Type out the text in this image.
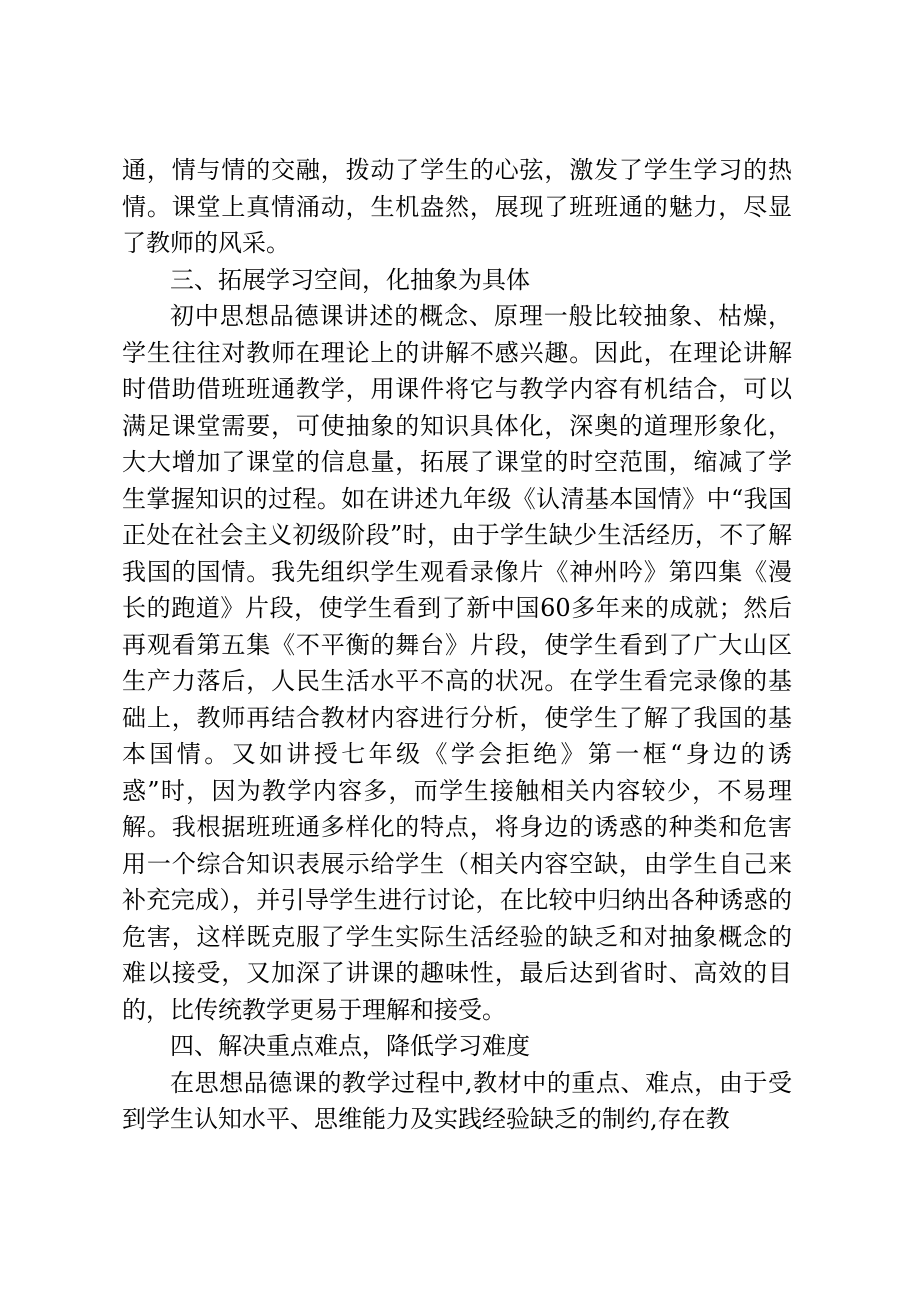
通，情与情的交融，拨动了学生的心弦，激发了学生学习的热情。课堂上真情涌动，生机盎然，展现了班班通的魅力，尽显了教师的风采。

三、拓展学习空间，化抽象为具体

初中思想品德课讲述的概念、原理一般比较抽象、枯燥，学生往往对教师在理论上的讲解不感兴趣。因此，在理论讲解时借助借班班通教学，用课件将它与教学内容有机结合，可以满足课堂需要，可使抽象的知识具体化，深奥的道理形象化，大大增加了课堂的信息量，拓展了课堂的时空范围，缩减了学生掌握知识的过程。如在讲述九年级《认清基本国情》中“我国正处在社会主义初级阶段”时，由于学生缺少生活经历，不了解我国的国情。我先组织学生观看录像片《神州吟》第四集《漫长的跑道》片段，使学生看到了新中国60多年来的成就；然后再观看第五集《不平衡的舞台》片段，使学生看到了广大山区生产力落后，人民生活水平不高的状况。在学生看完录像的基础上，教师再结合教材内容进行分析，使学生了解了我国的基本国情。又如讲授七年级《学会拒绝》第一框“身边的诱惑”时，因为教学内容多，而学生接触相关内容较少，不易理解。我根据班班通多样化的特点，将身边的诱惑的种类和危害用一个综合知识表展示给学生（相关内容空缺，由学生自己来补充完成），并引导学生进行讨论，在比较中归纳出各种诱惑的危害，这样既克服了学生实际生活经验的缺乏和对抽象概念的难以接受，又加深了讲课的趣味性，最后达到省时、高效的目的，比传统教学更易于理解和接受。

四、解决重点难点，降低学习难度

在思想品德课的教学过程中,教材中的重点、难点，由于受到学生认知水平、思维能力及实践经验缺乏的制约,存在教
